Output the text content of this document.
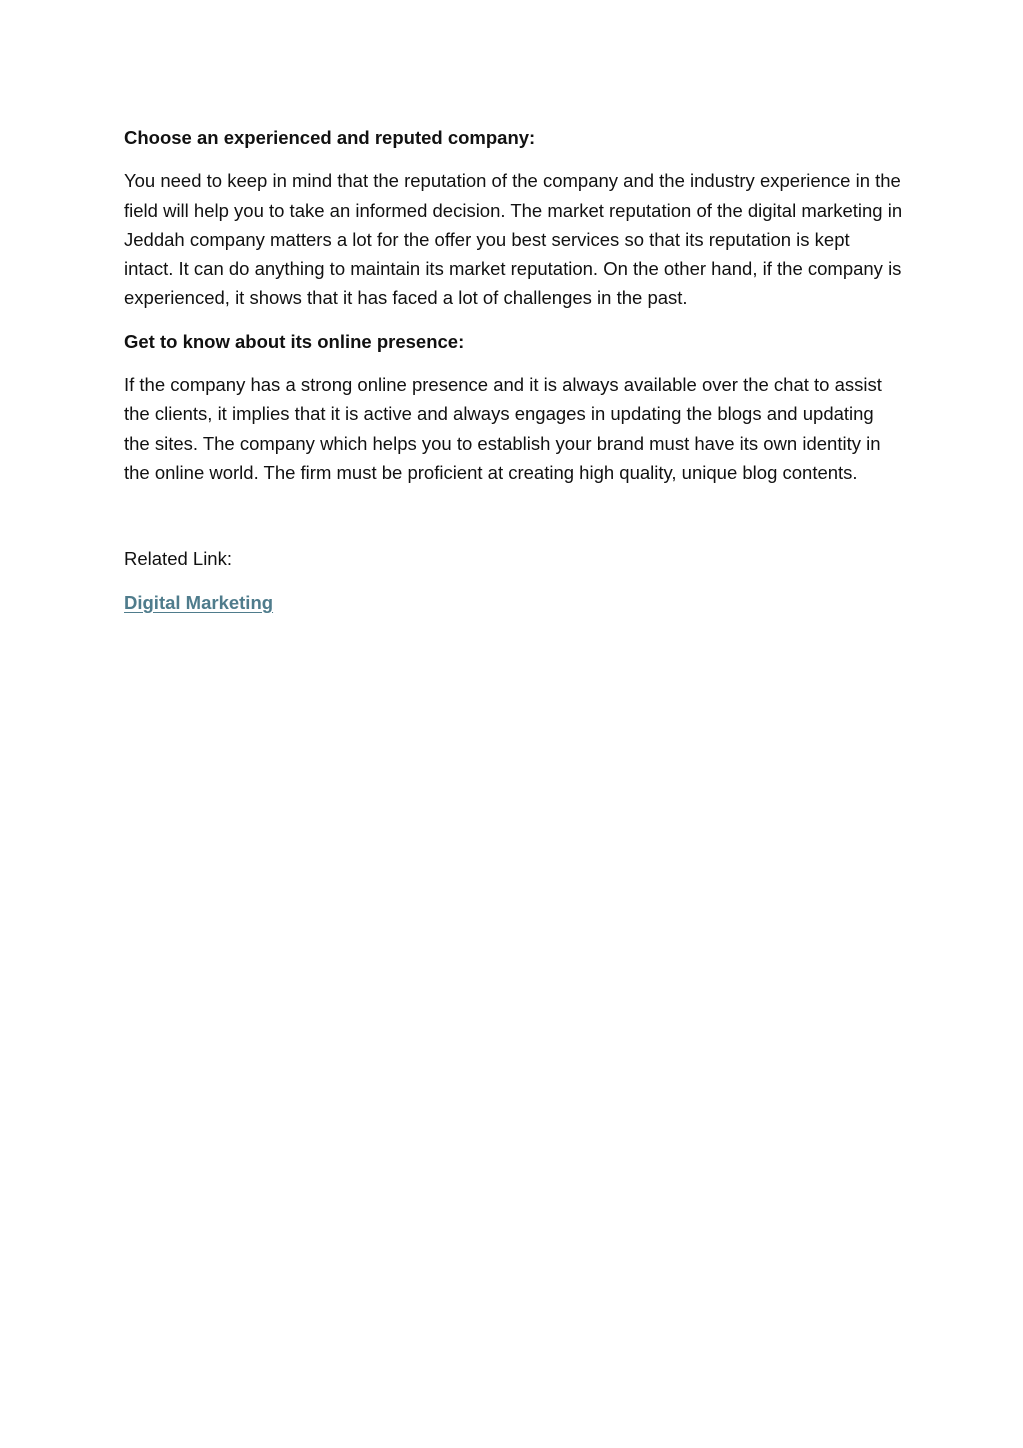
Choose an experienced and reputed company:

You need to keep in mind that the reputation of the company and the industry experience in the field will help you to take an informed decision. The market reputation of the digital marketing in Jeddah company matters a lot for the offer you best services so that its reputation is kept intact. It can do anything to maintain its market reputation. On the other hand, if the company is experienced, it shows that it has faced a lot of challenges in the past.

Get to know about its online presence:

If the company has a strong online presence and it is always available over the chat to assist the clients, it implies that it is active and always engages in updating the blogs and updating the sites. The company which helps you to establish your brand must have its own identity in the online world. The firm must be proficient at creating high quality, unique blog contents.

Related Link:

Digital Marketing
